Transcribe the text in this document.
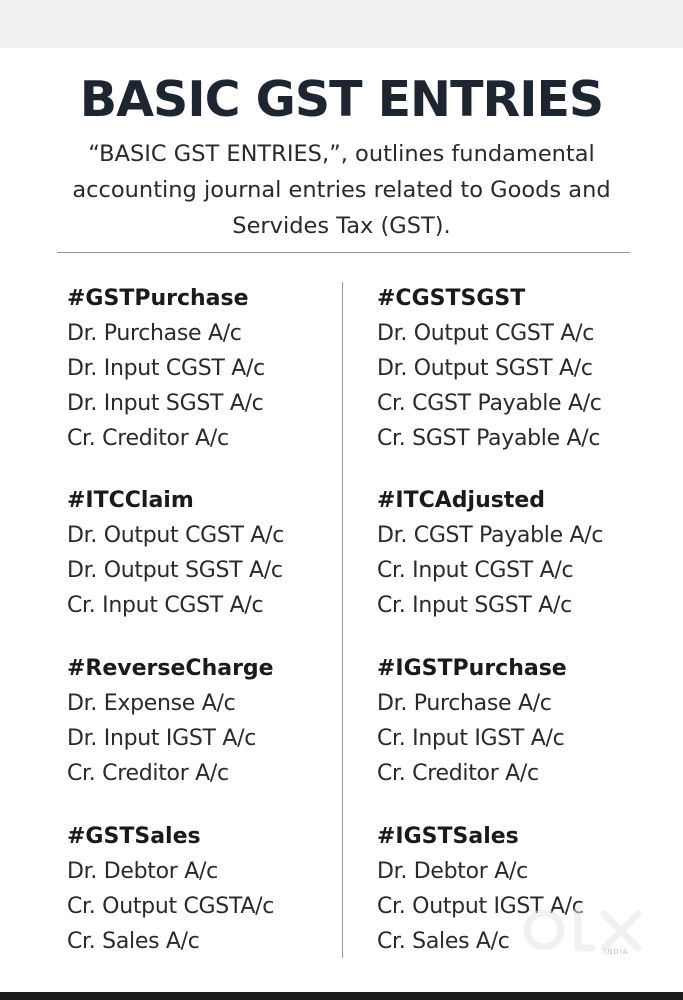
BASIC GST ENTRIES

“BASIC GST ENTRIES,”, outlines fundamental accounting journal entries related to Goods and Servides Tax (GST).

#GSTPurchase
Dr. Purchase A/c
Dr. Input CGST A/c
Dr. Input SGST A/c
Cr. Creditor A/c
#ITCClaim
Dr. Output CGST A/c
Dr. Output SGST A/c
Cr. Input CGST A/c
#ReverseCharge
Dr. Expense A/c
Dr. Input IGST A/c
Cr. Creditor A/c
#GSTSales
Dr. Debtor A/c
Cr. Output CGSTA/c
Cr. Sales A/c
#CGSTSGST
Dr. Output CGST A/c
Dr. Output SGST A/c
Cr. CGST Payable A/c
Cr. SGST Payable A/c
#ITCAdjusted
Dr. CGST Payable A/c
Cr. Input CGST A/c
Cr. Input SGST A/c
#IGSTPurchase
Dr. Purchase A/c
Cr. Input IGST A/c
Cr. Creditor A/c
#IGSTSales
Dr. Debtor A/c
Cr. Output IGST A/c
Cr. Sales A/c	INDIA
